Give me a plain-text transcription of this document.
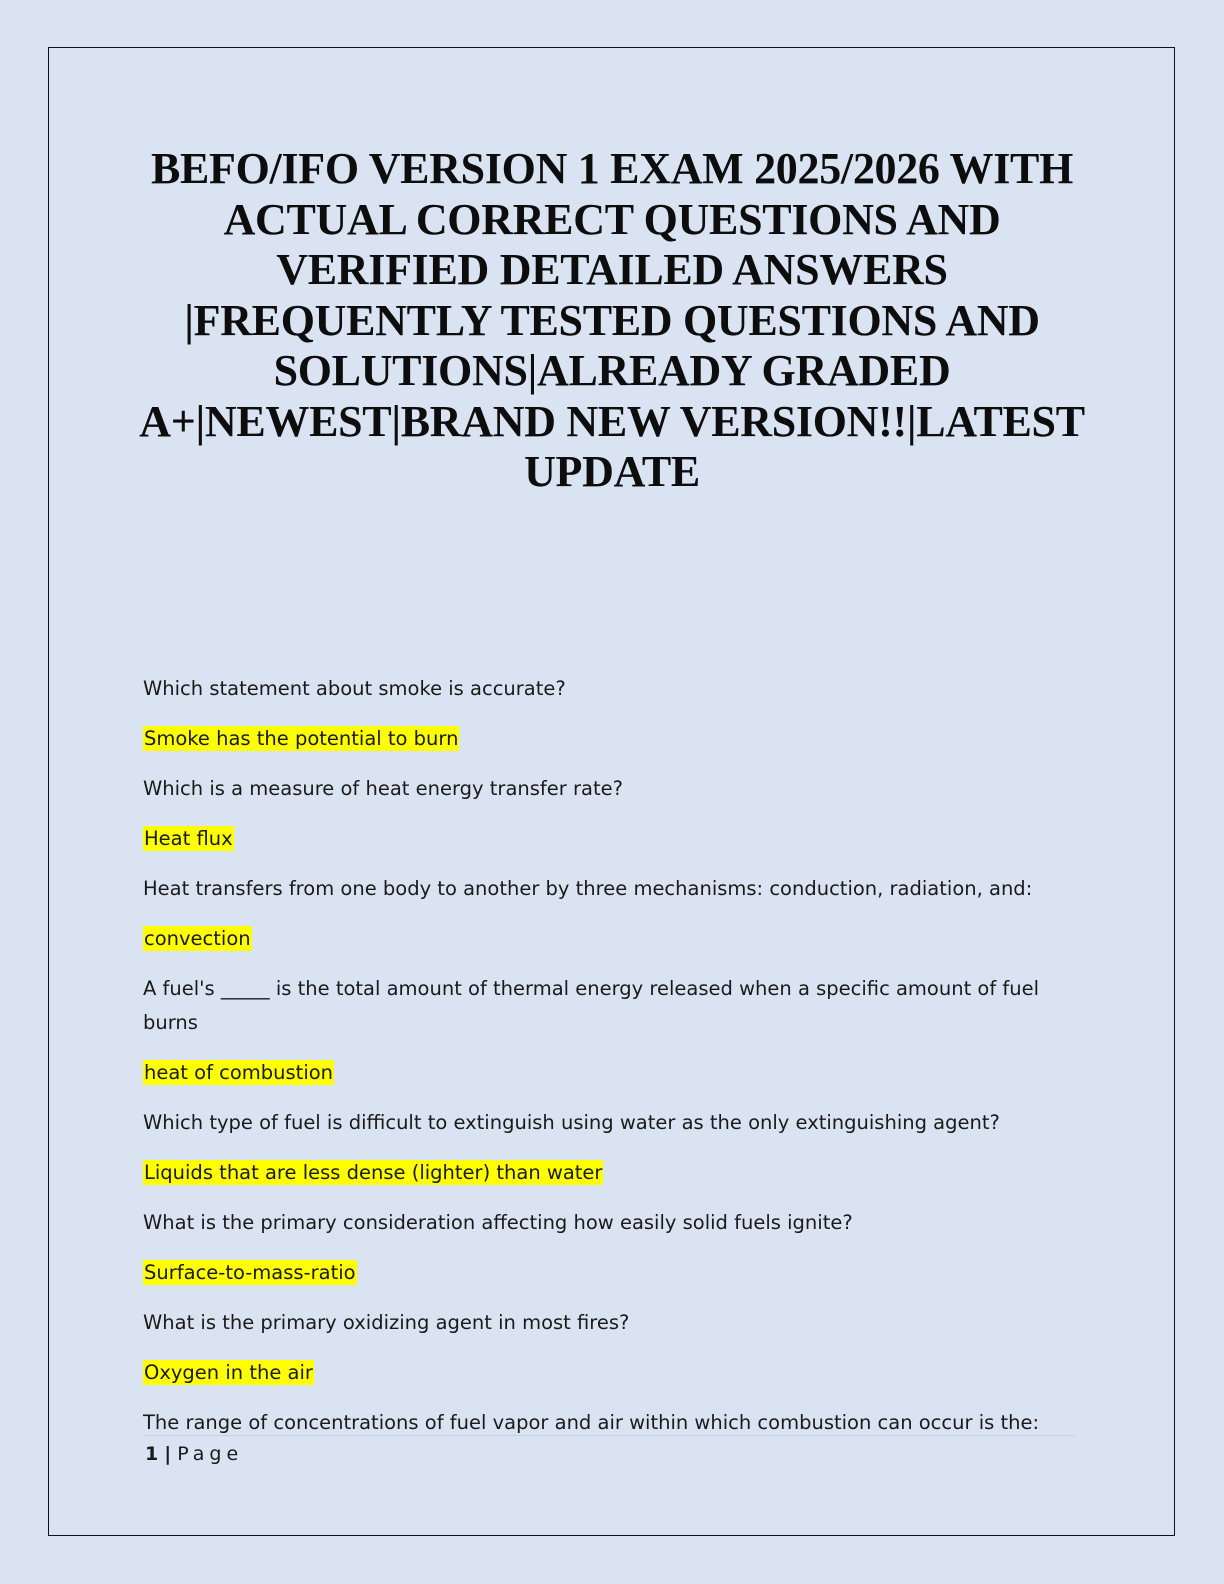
BEFO/IFO VERSION 1 EXAM 2025/2026 WITH ACTUAL CORRECT QUESTIONS AND VERIFIED DETAILED ANSWERS |FREQUENTLY TESTED QUESTIONS AND SOLUTIONS|ALREADY GRADED A+|NEWEST|BRAND NEW VERSION!!|LATEST UPDATE
Which statement about smoke is accurate?
Smoke has the potential to burn
Which is a measure of heat energy transfer rate?
Heat flux
Heat transfers from one body to another by three mechanisms: conduction, radiation, and:
convection
A fuel's _____ is the total amount of thermal energy released when a specific amount of fuel burns
heat of combustion
Which type of fuel is difficult to extinguish using water as the only extinguishing agent?
Liquids that are less dense (lighter) than water
What is the primary consideration affecting how easily solid fuels ignite?
Surface-to-mass-ratio
What is the primary oxidizing agent in most fires?
Oxygen in the air
The range of concentrations of fuel vapor and air within which combustion can occur is the:
1 | Page
